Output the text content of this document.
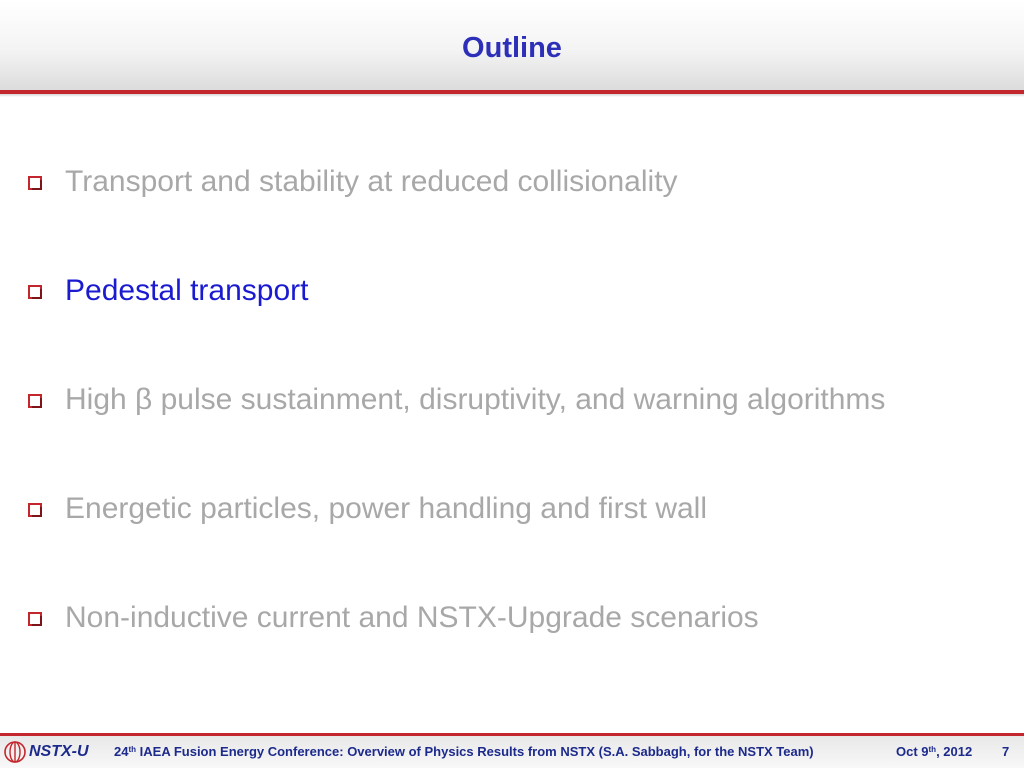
Outline
Transport and stability at reduced collisionality
Pedestal transport
High β pulse sustainment, disruptivity, and warning algorithms
Energetic particles, power handling and first wall
Non-inductive current and NSTX-Upgrade scenarios
NSTX-U 24th IAEA Fusion Energy Conference: Overview of Physics Results from NSTX (S.A. Sabbagh, for the NSTX Team)	Oct 9th, 2012 7
